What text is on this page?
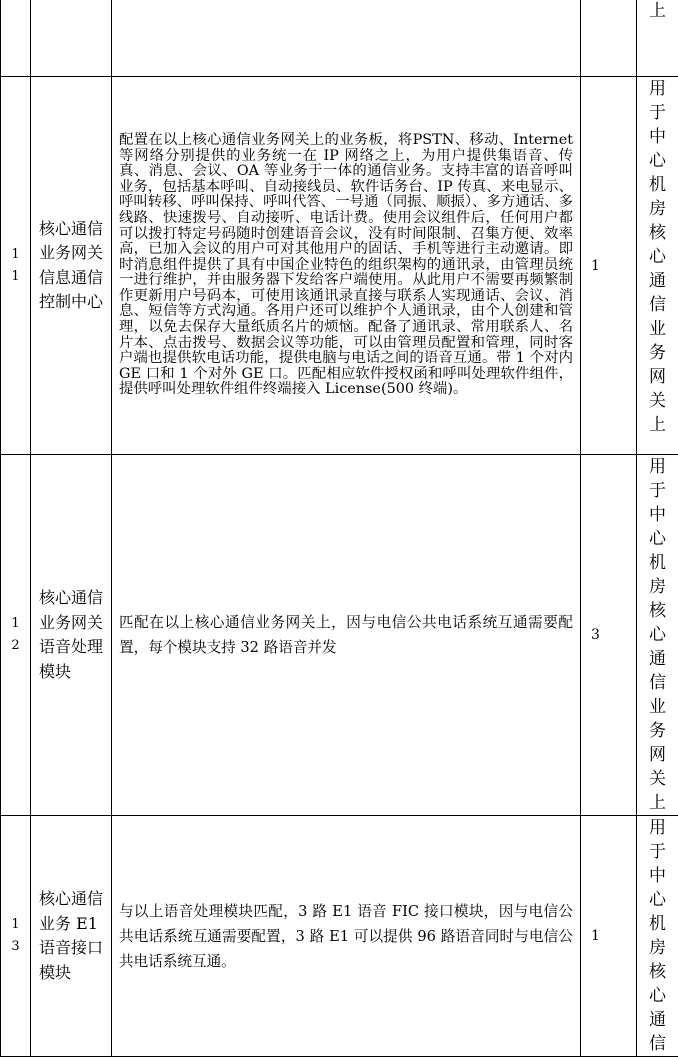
				上
11	核心通信业务网关信息通信控制中心	配置在以上核心通信业务网关上的业务板，将PSTN、移动、Internet 等网络分别提供的业务统一在 IP 网络之上，为用户提供集语音、传真、消息、会议、OA 等业务于一体的通信业务。支持丰富的语音呼叫业务，包括基本呼叫、自动接线员、软件话务台、IP 传真、来电显示、呼叫转移、呼叫保持、呼叫代答、一号通（同振、顺振）、多方通话、多线路、快速拨号、自动接听、电话计费。使用会议组件后，任何用户都可以拨打特定号码随时创建语音会议，没有时间限制、召集方便、效率高，已加入会议的用户可对其他用户的固话、手机等进行主动邀请。即时消息组件提供了具有中国企业特色的组织架构的通讯录，由管理员统一进行维护，并由服务器下发给客户端使用。从此用户不需要再频繁制作更新用户号码本，可使用该通讯录直接与联系人实现通话、会议、消息、短信等方式沟通。各用户还可以维护个人通讯录，由个人创建和管理，以免去保存大量纸质名片的烦恼。配备了通讯录、常用联系人、名片本、点击拨号、数据会议等功能，可以由管理员配置和管理，同时客户端也提供软电话功能，提供电脑与电话之间的语音互通。带 1 个对内 GE 口和 1 个对外 GE 口。匹配相应软件授权函和呼叫处理软件组件，提供呼叫处理软件组件终端接入 License(500 终端)。	1	用于中心机房核心通信业务网关上
12	核心通信业务网关语音处理模块	匹配在以上核心通信业务网关上，因与电信公共电话系统互通需要配置，每个模块支持 32 路语音并发	3	用于中心机房核心通信业务网关上
13	核心通信业务 E1 语音接口模块	与以上语音处理模块匹配，3 路 E1 语音 FIC 接口模块，因与电信公共电话系统互通需要配置，3 路 E1 可以提供 96 路语音同时与电信公共电话系统互通。	1	用于中心机房核心通信
